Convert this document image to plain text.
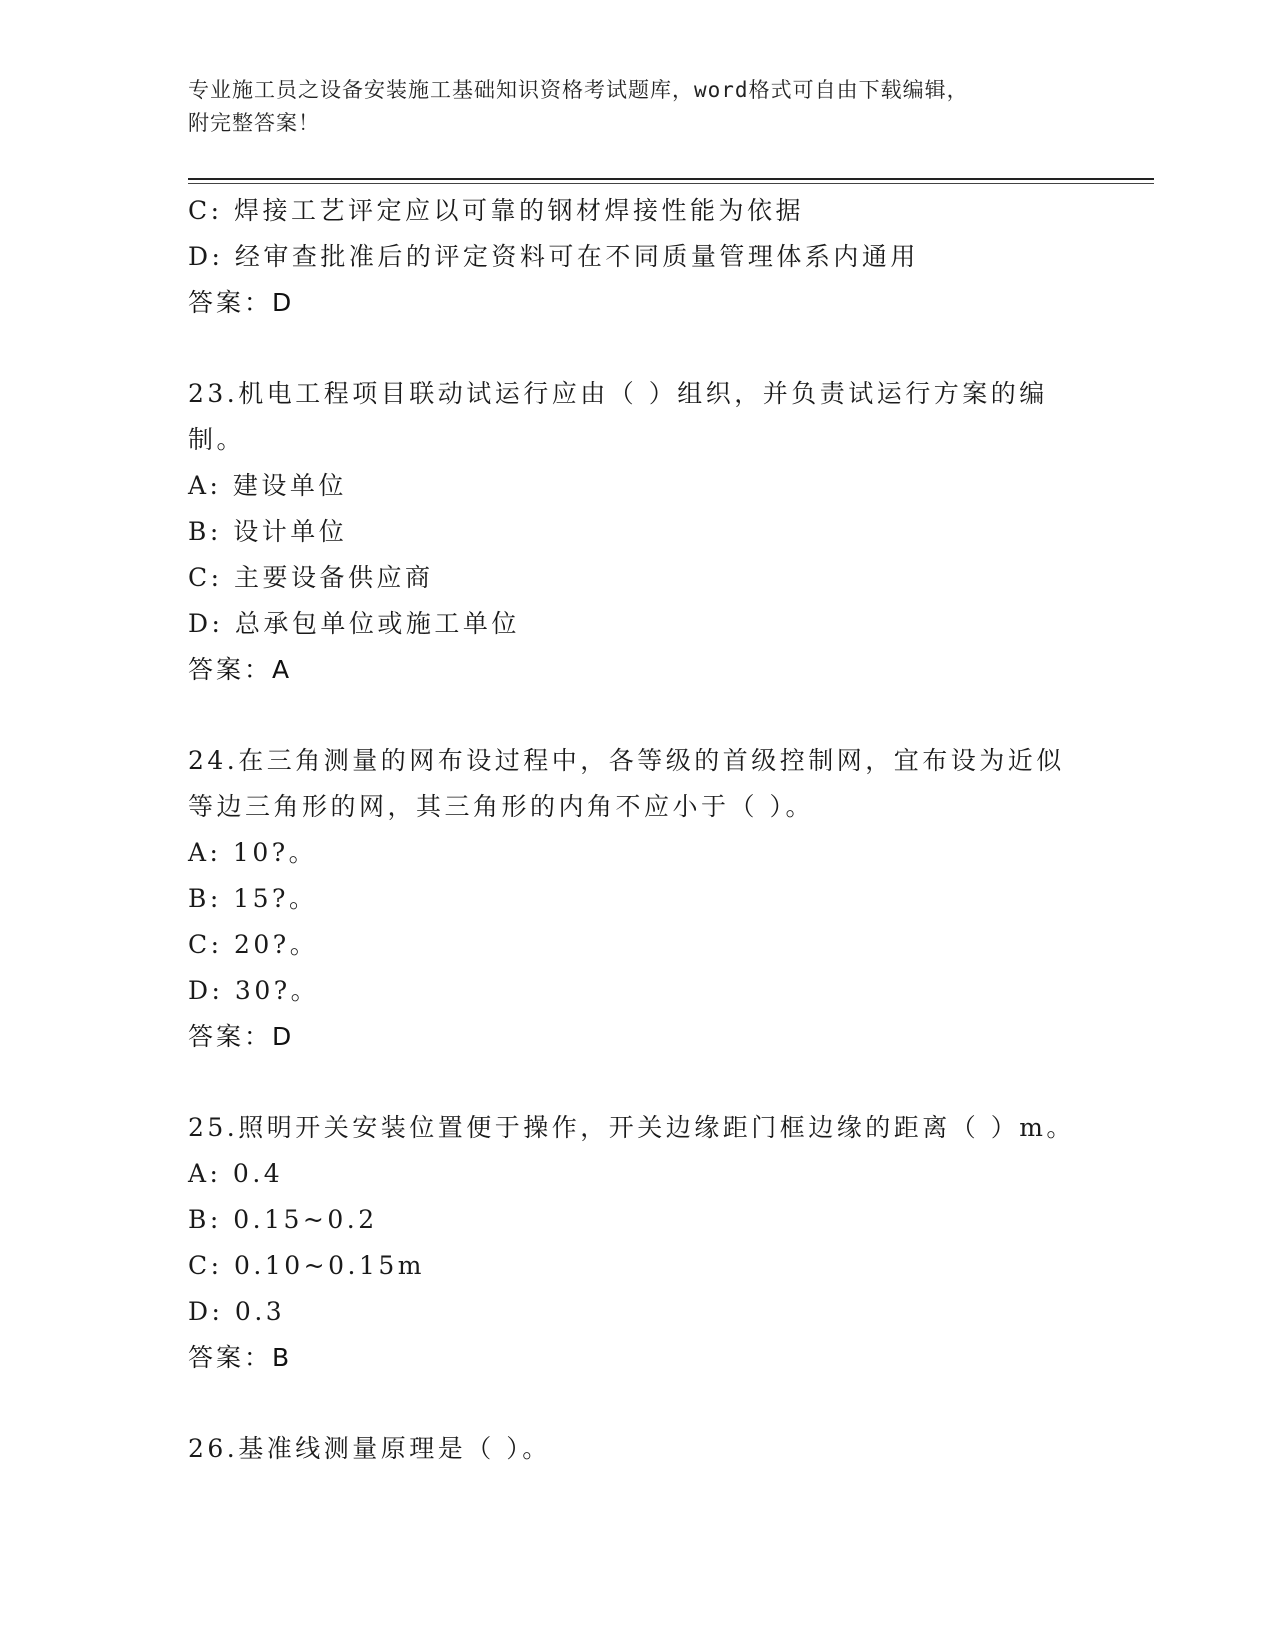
专业施工员之设备安装施工基础知识资格考试题库，word格式可自由下载编辑，
附完整答案！
C: 焊接工艺评定应以可靠的钢材焊接性能为依据
D: 经审查批准后的评定资料可在不同质量管理体系内通用
答案：D
23.机电工程项目联动试运行应由（ ）组织，并负责试运行方案的编
制。
A: 建设单位
B: 设计单位
C: 主要设备供应商
D: 总承包单位或施工单位
答案：A
24.在三角测量的网布设过程中，各等级的首级控制网，宜布设为近似
等边三角形的网，其三角形的内角不应小于（ ）。
A: 10?。
B: 15?。
C: 20?。
D: 30?。
答案：D
25.照明开关安装位置便于操作，开关边缘距门框边缘的距离（ ）m。
A: 0.4
B: 0.15~0.2
C: 0.10~0.15m
D: 0.3
答案：B
26.基准线测量原理是（ ）。
